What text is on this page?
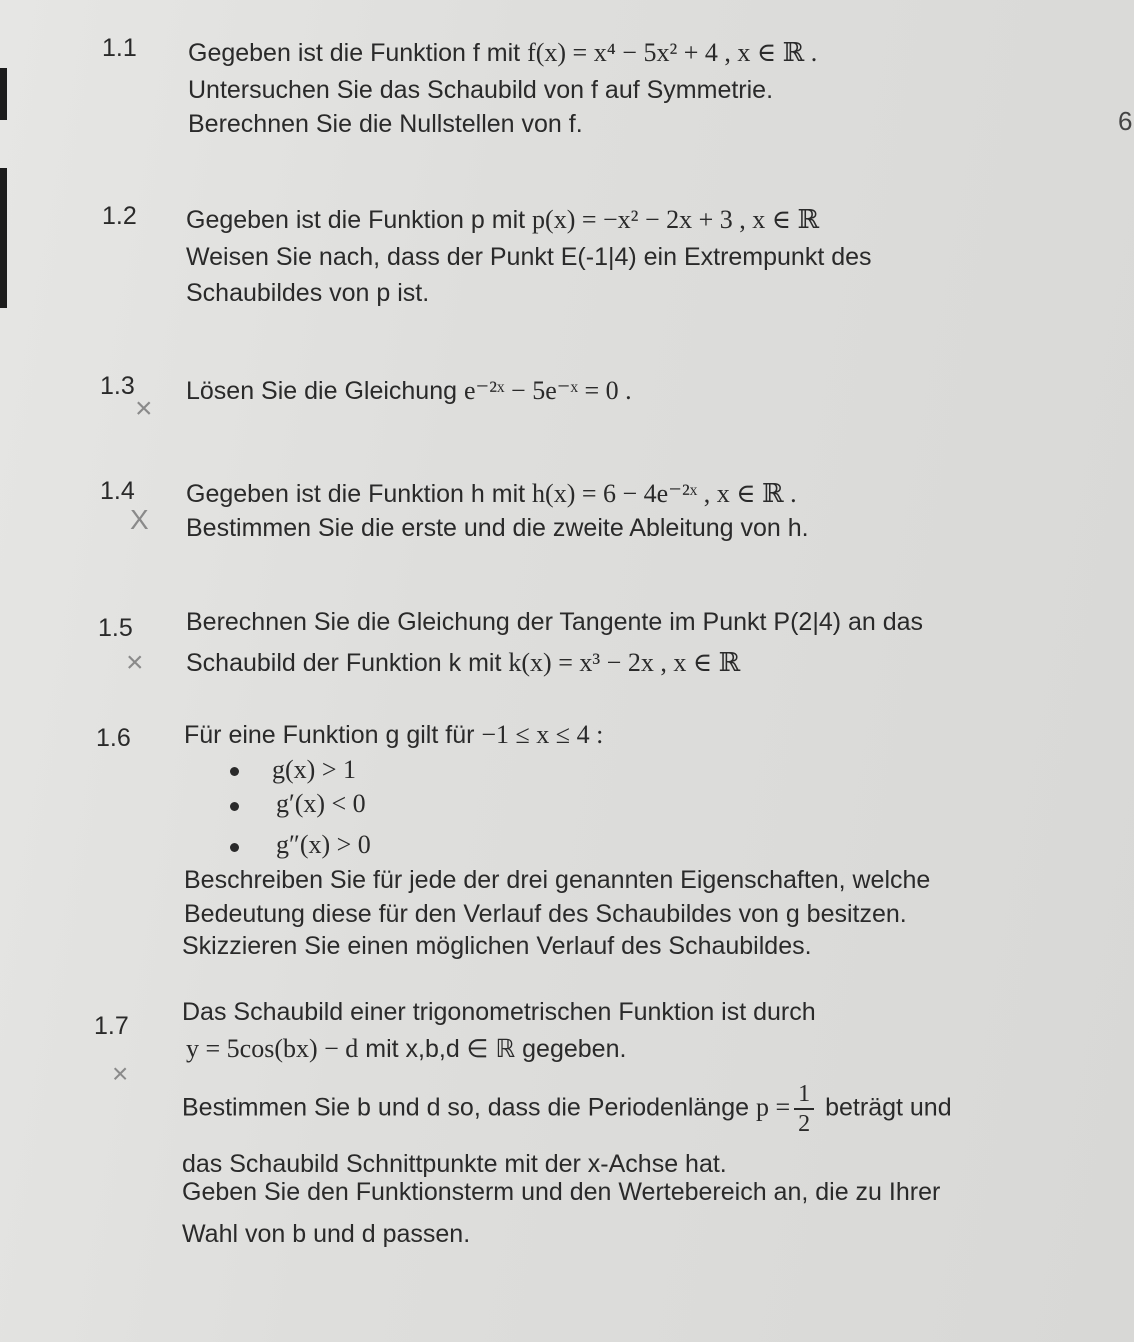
6
1.1 Gegeben ist die Funktion f mit f(x) = x⁴ − 5x² + 4 , x ∈ ℝ .
Untersuchen Sie das Schaubild von f auf Symmetrie.
Berechnen Sie die Nullstellen von f.
1.2 Gegeben ist die Funktion p mit p(x) = −x² − 2x + 3 , x ∈ ℝ
Weisen Sie nach, dass der Punkt E(-1|4) ein Extrempunkt des
Schaubildes von p ist.
1.3
×
Lösen Sie die Gleichung e⁻²ˣ − 5e⁻ˣ = 0 .
1.4
X
Gegeben ist die Funktion h mit h(x) = 6 − 4e⁻²ˣ , x ∈ ℝ .
Bestimmen Sie die erste und die zweite Ableitung von h.
1.5
×
Berechnen Sie die Gleichung der Tangente im Punkt P(2|4) an das
Schaubild der Funktion k mit k(x) = x³ − 2x , x ∈ ℝ
1.6 Für eine Funktion g gilt für −1 ≤ x ≤ 4 :
g(x) > 1
g′(x) < 0
g″(x) > 0
Beschreiben Sie für jede der drei genannten Eigenschaften, welche
Bedeutung diese für den Verlauf des Schaubildes von g besitzen.
Skizzieren Sie einen möglichen Verlauf des Schaubildes.
1.7
×
Das Schaubild einer trigonometrischen Funktion ist durch
y = 5cos(bx) − d mit x,b,d ∈ ℝ gegeben.
Bestimmen Sie b und d so, dass die Periodenlänge $p = \frac{1}{2}$ beträgt und
das Schaubild Schnittpunkte mit der x-Achse hat.
Geben Sie den Funktionsterm und den Wertebereich an, die zu Ihrer
Wahl von b und d passen.
